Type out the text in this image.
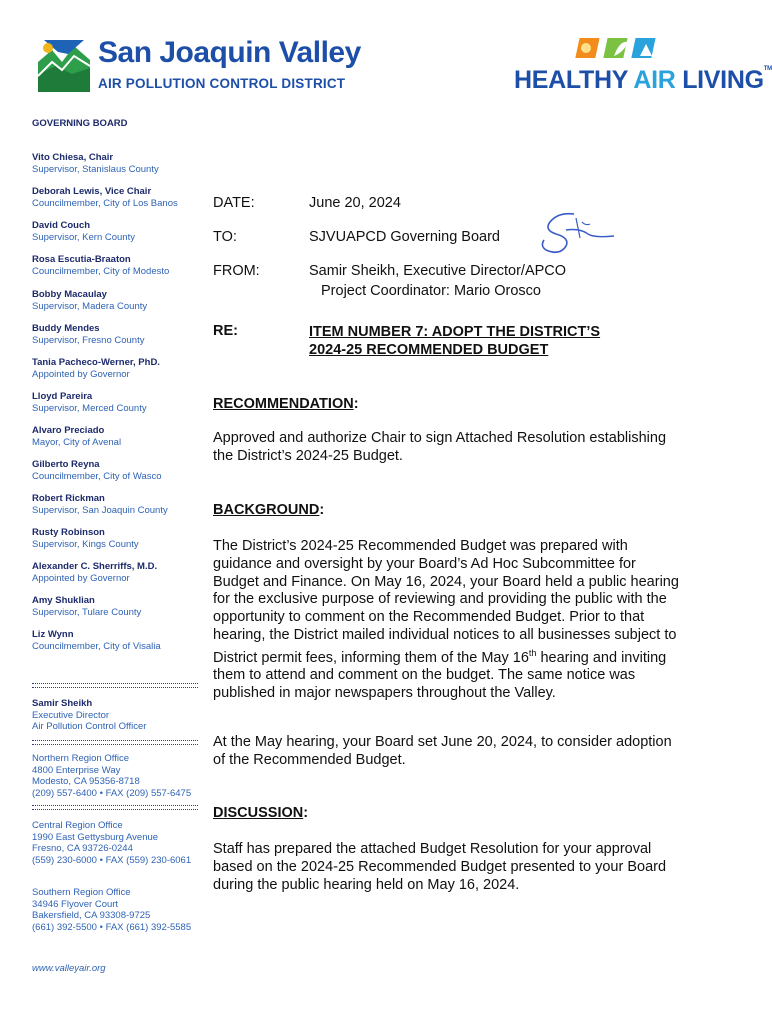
San Joaquin Valley
AIR POLLUTION CONTROL DISTRICT	HEALTHY AIR LIVING™
GOVERNING BOARD
Vito Chiesa, Chair
Supervisor, Stanislaus County
Deborah Lewis, Vice Chair
Councilmember, City of Los Banos
David Couch
Supervisor, Kern County
Rosa Escutia-Braaton
Councilmember, City of Modesto
Bobby Macaulay
Supervisor, Madera County
Buddy Mendes
Supervisor, Fresno County
Tania Pacheco-Werner, PhD.
Appointed by Governor
Lloyd Pareira
Supervisor, Merced County
Alvaro Preciado
Mayor, City of Avenal
Gilberto Reyna
Councilmember, City of Wasco
Robert Rickman
Supervisor, San Joaquin County
Rusty Robinson
Supervisor, Kings County
Alexander C. Sherriffs, M.D.
Appointed by Governor
Amy Shuklian
Supervisor, Tulare County
Liz Wynn
Councilmember, City of Visalia
Samir Sheikh
Executive Director
Air Pollution Control Officer
Northern Region Office
4800 Enterprise Way
Modesto, CA 95356-8718
(209) 557-6400 • FAX (209) 557-6475
Central Region Office
1990 East Gettysburg Avenue
Fresno, CA 93726-0244
(559) 230-6000 • FAX (559) 230-6061
Southern Region Office
34946 Flyover Court
Bakersfield, CA 93308-9725
(661) 392-5500 • FAX (661) 392-5585
www.valleyair.org
DATE:	June 20, 2024
TO:	SJVUAPCD Governing Board
FROM:	Samir Sheikh, Executive Director/APCO
Project Coordinator: Mario Orosco
RE:	ITEM NUMBER 7: ADOPT THE DISTRICT’S
2024-25 RECOMMENDED BUDGET
RECOMMENDATION:
Approved and authorize Chair to sign Attached Resolution establishing the District’s 2024-25 Budget.
BACKGROUND:
The District’s 2024-25 Recommended Budget was prepared with guidance and oversight by your Board’s Ad Hoc Subcommittee for Budget and Finance. On May 16, 2024, your Board held a public hearing for the exclusive purpose of reviewing and providing the public with the opportunity to comment on the Recommended Budget. Prior to that hearing, the District mailed individual notices to all businesses subject to District permit fees, informing them of the May 16th hearing and inviting them to attend and comment on the budget. The same notice was published in major newspapers throughout the Valley.
At the May hearing, your Board set June 20, 2024, to consider adoption of the Recommended Budget.
DISCUSSION:
Staff has prepared the attached Budget Resolution for your approval based on the 2024-25 Recommended Budget presented to your Board during the public hearing held on May 16, 2024.
